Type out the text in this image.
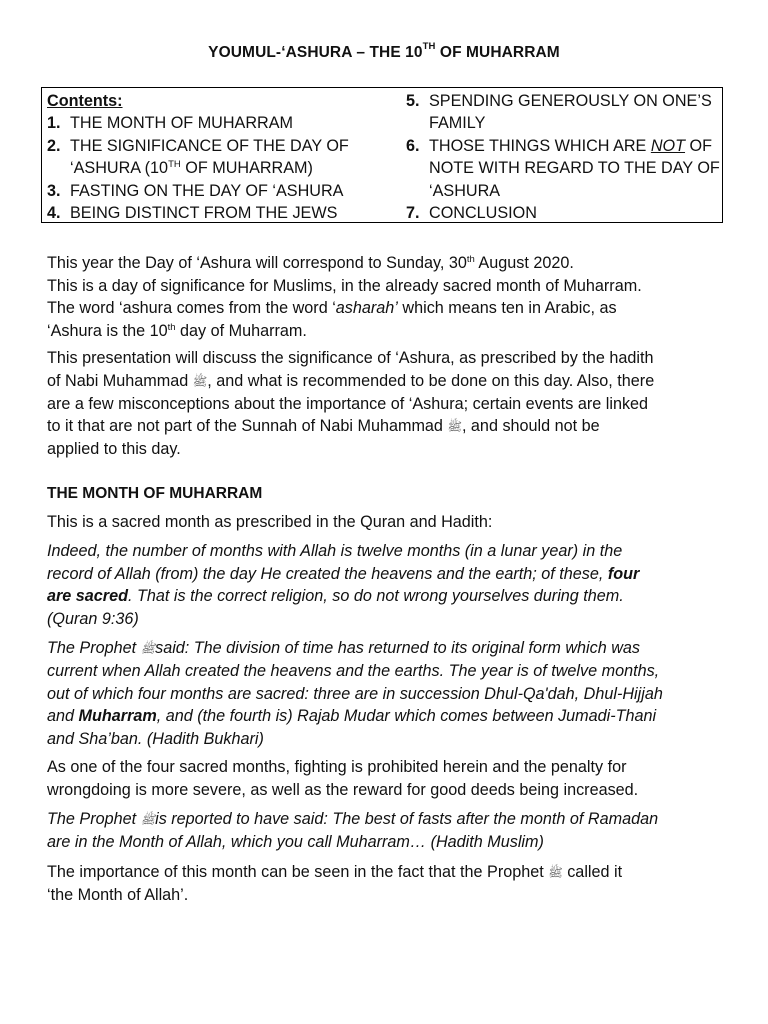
YOUMUL-‘ASHURA – THE 10TH OF MUHARRAM
Contents:
1. THE MONTH OF MUHARRAM
2. THE SIGNIFICANCE OF THE DAY OF
‘ASHURA (10TH OF MUHARRAM)
3. FASTING ON THE DAY OF ‘ASHURA
4. BEING DISTINCT FROM THE JEWS
5. SPENDING GENEROUSLY ON ONE’S
FAMILY
6. THOSE THINGS WHICH ARE NOT OF
NOTE WITH REGARD TO THE DAY OF
‘ASHURA
7. CONCLUSION
This year the Day of ‘Ashura will correspond to Sunday, 30th August 2020.
This is a day of significance for Muslims, in the already sacred month of Muharram.
The word ‘ashura comes from the word ‘asharah’ which means ten in Arabic, as
‘Ashura is the 10th day of Muharram.
This presentation will discuss the significance of ‘Ashura, as prescribed by the hadith
of Nabi Muhammad ﷺ, and what is recommended to be done on this day. Also, there
are a few misconceptions about the importance of ‘Ashura; certain events are linked
to it that are not part of the Sunnah of Nabi Muhammad ﷺ, and should not be
applied to this day.
THE MONTH OF MUHARRAM
This is a sacred month as prescribed in the Quran and Hadith:
Indeed, the number of months with Allah is twelve months (in a lunar year) in the
record of Allah (from) the day He created the heavens and the earth; of these, four
are sacred. That is the correct religion, so do not wrong yourselves during them.
(Quran 9:36)
The Prophet ﷺsaid: The division of time has returned to its original form which was
current when Allah created the heavens and the earths. The year is of twelve months,
out of which four months are sacred: three are in succession Dhul-Qa'dah, Dhul-Hijjah
and Muharram, and (the fourth is) Rajab Mudar which comes between Jumadi-Thani
and Sha’ban. (Hadith Bukhari)
As one of the four sacred months, fighting is prohibited herein and the penalty for
wrongdoing is more severe, as well as the reward for good deeds being increased.
The Prophet ﷺis reported to have said: The best of fasts after the month of Ramadan
are in the Month of Allah, which you call Muharram… (Hadith Muslim)
The importance of this month can be seen in the fact that the Prophet ﷺ called it
‘the Month of Allah’.
